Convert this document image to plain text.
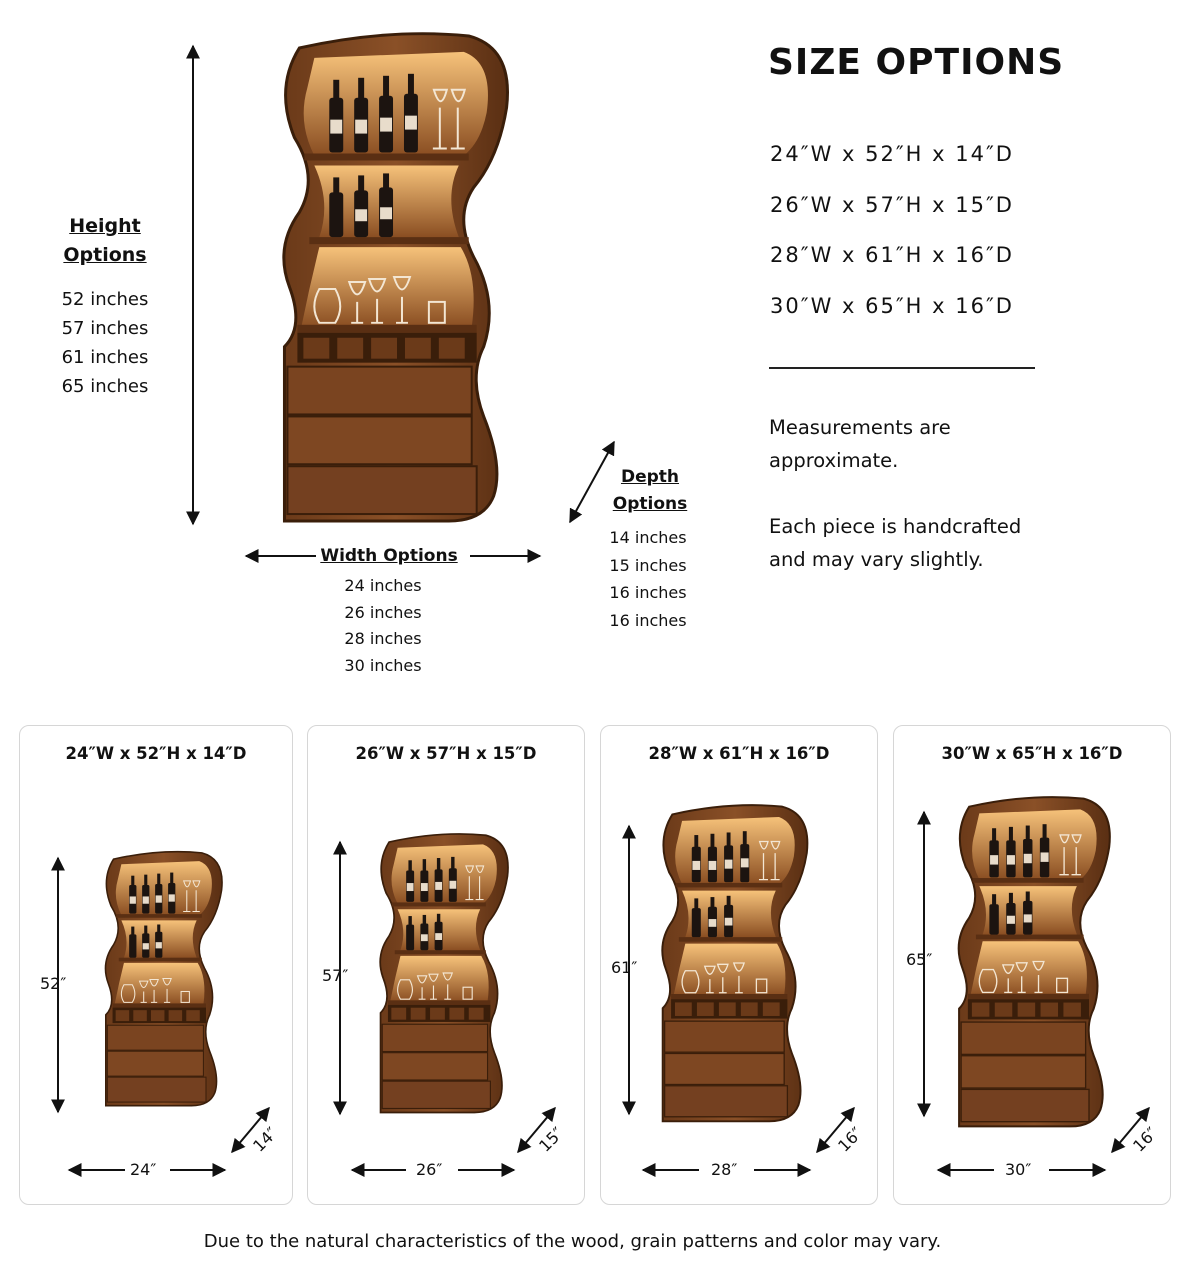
Height
Options
52 inches
57 inches
61 inches
65 inches
Width Options
24 inches
26 inches
28 inches
30 inches
Depth
Options
14 inches
15 inches
16 inches
16 inches
SIZE OPTIONS
24″W x 52″H x 14″D
26″W x 57″H x 15″D
28″W x 61″H x 16″D
30″W x 65″H x 16″D
Measurements are
approximate.
Each piece is handcrafted
and may vary slightly.
24″W x 52″H x 14″D
52″
24″
14″
26″W x 57″H x 15″D
57″
26″
15″
28″W x 61″H x 16″D
61″
28″
16″
30″W x 65″H x 16″D
65″
30″
16″
Due to the natural characteristics of the wood, grain patterns and color may vary.
